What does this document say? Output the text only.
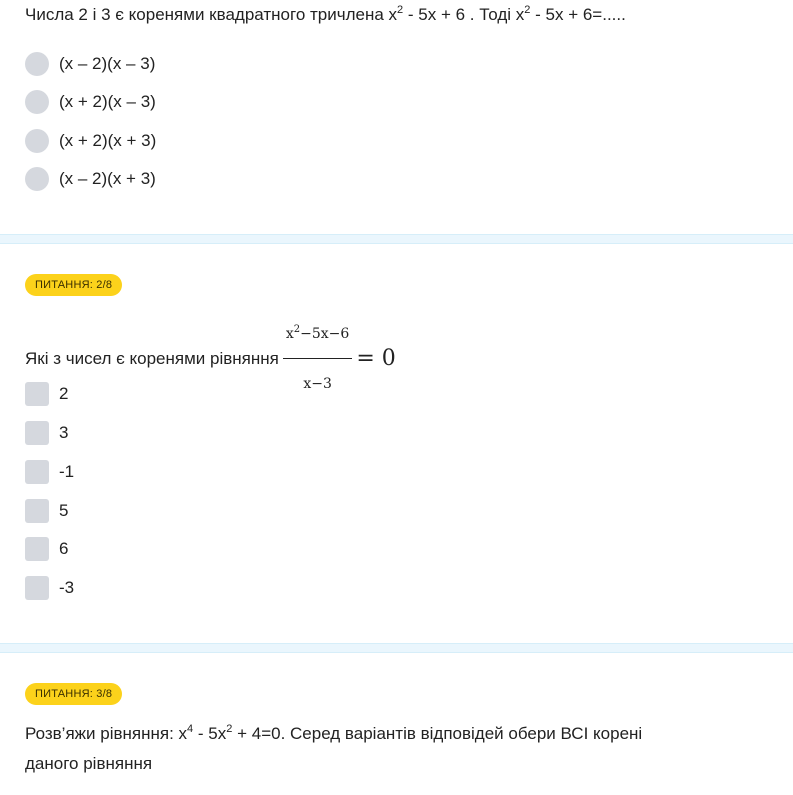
Числа 2 і 3 є коренями квадратного тричлена $x^2 - 5x + 6$ . Тоді $x^2 - 5x + 6=$.....
(x – 2)(x – 3)
(x + 2)(x – 3)
(x + 2)(x + 3)
(x – 2)(x + 3)
ПИТАННЯ: 2/8
Які з чисел є коренями рівняння $\frac{x^2-5x-6}{x-3} = 0$
2
3
-1
5
6
-3
ПИТАННЯ: 3/8
Розв’яжи рівняння: $x^4 - 5x^2 + 4=0$. Серед варіантів відповідей обери ВСІ корені
даного рівняння
